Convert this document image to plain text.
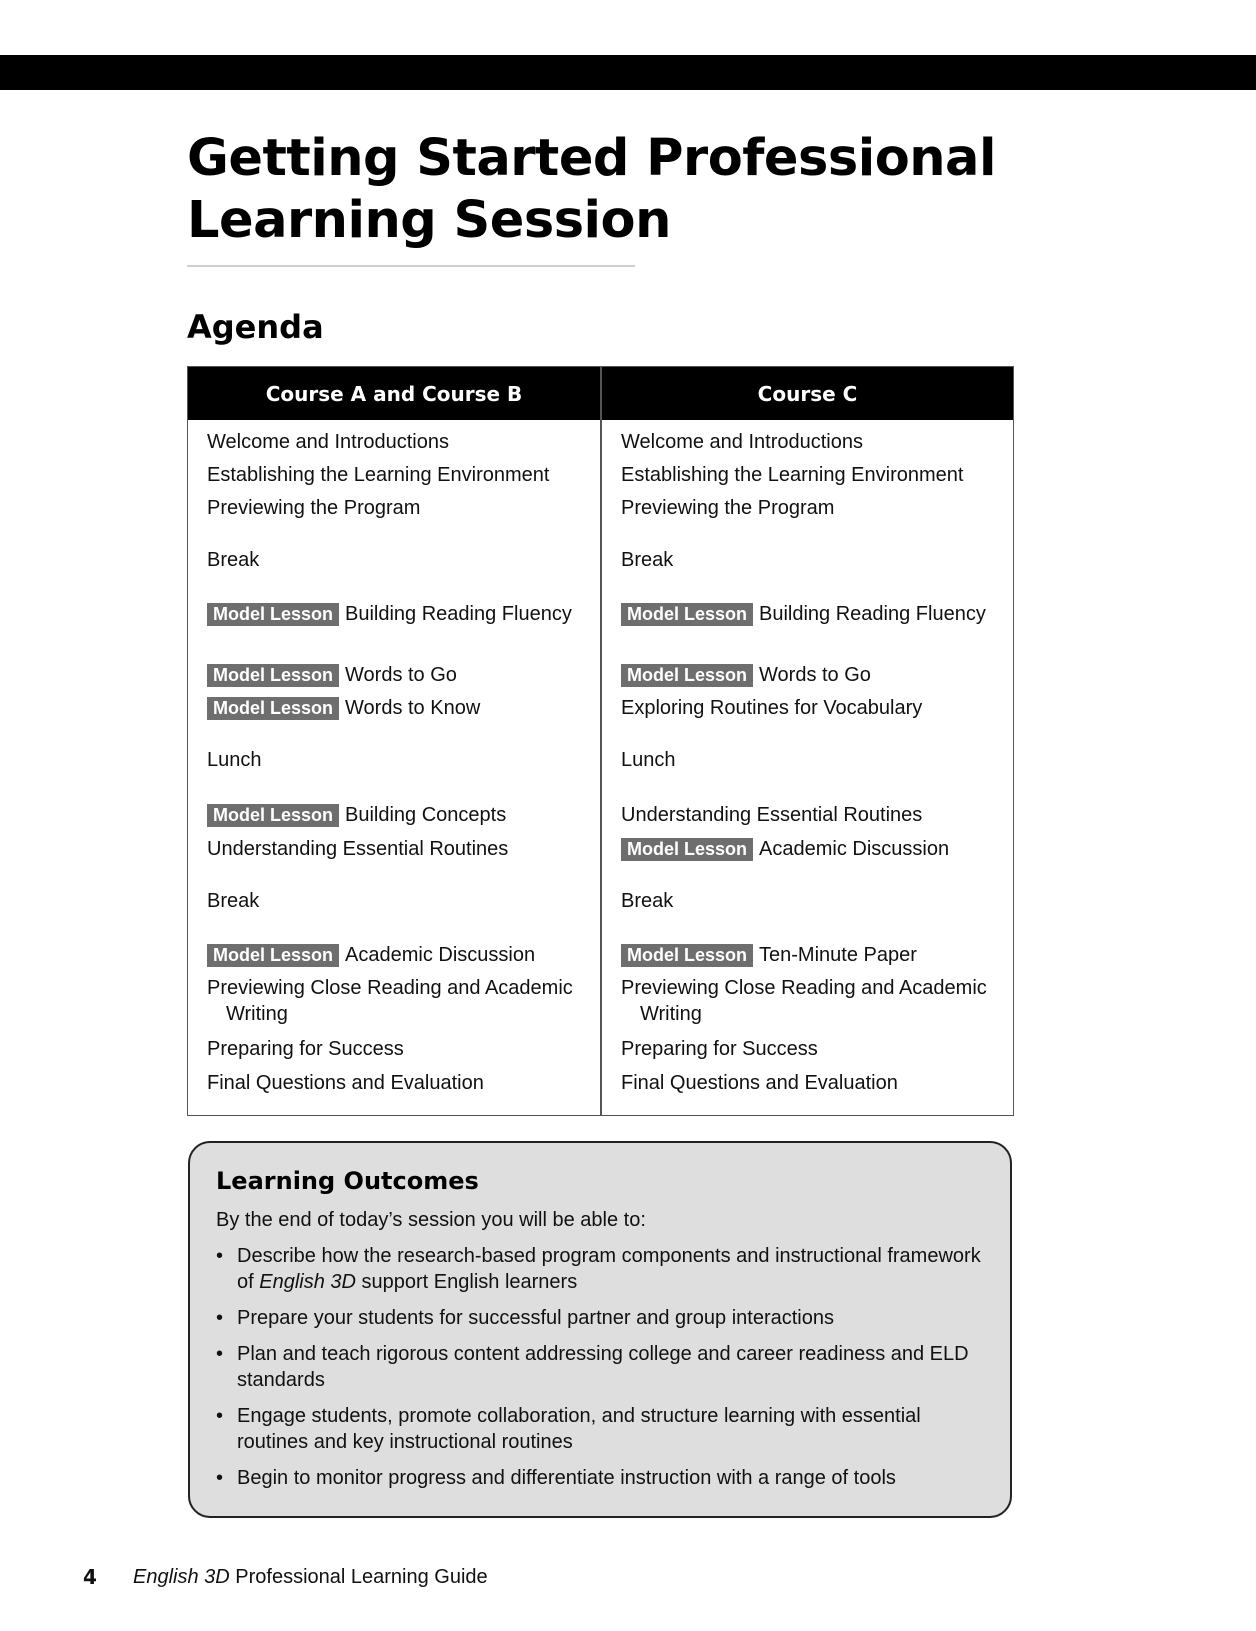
Getting Started Professional
Learning Session
Agenda
Course A and Course B
Welcome and Introductions
Establishing the Learning Environment
Previewing the Program
Break
Model Lesson Building Reading Fluency
Model Lesson Words to Go
Model Lesson Words to Know
Lunch
Model Lesson Building Concepts
Understanding Essential Routines
Break
Model Lesson Academic Discussion
Previewing Close Reading and Academic Writing
Preparing for Success
Final Questions and Evaluation
Course C
Welcome and Introductions
Establishing the Learning Environment
Previewing the Program
Break
Model Lesson Building Reading Fluency
Model Lesson Words to Go
Exploring Routines for Vocabulary
Lunch
Understanding Essential Routines
Model Lesson Academic Discussion
Break
Model Lesson Ten-Minute Paper
Previewing Close Reading and Academic Writing
Preparing for Success
Final Questions and Evaluation
Learning Outcomes
By the end of today’s session you will be able to:
• Describe how the research-based program components and instructional framework of English 3D support English learners
• Prepare your students for successful partner and group interactions
• Plan and teach rigorous content addressing college and career readiness and ELD standards
• Engage students, promote collaboration, and structure learning with essential routines and key instructional routines
• Begin to monitor progress and differentiate instruction with a range of tools
4 English 3D Professional Learning Guide
